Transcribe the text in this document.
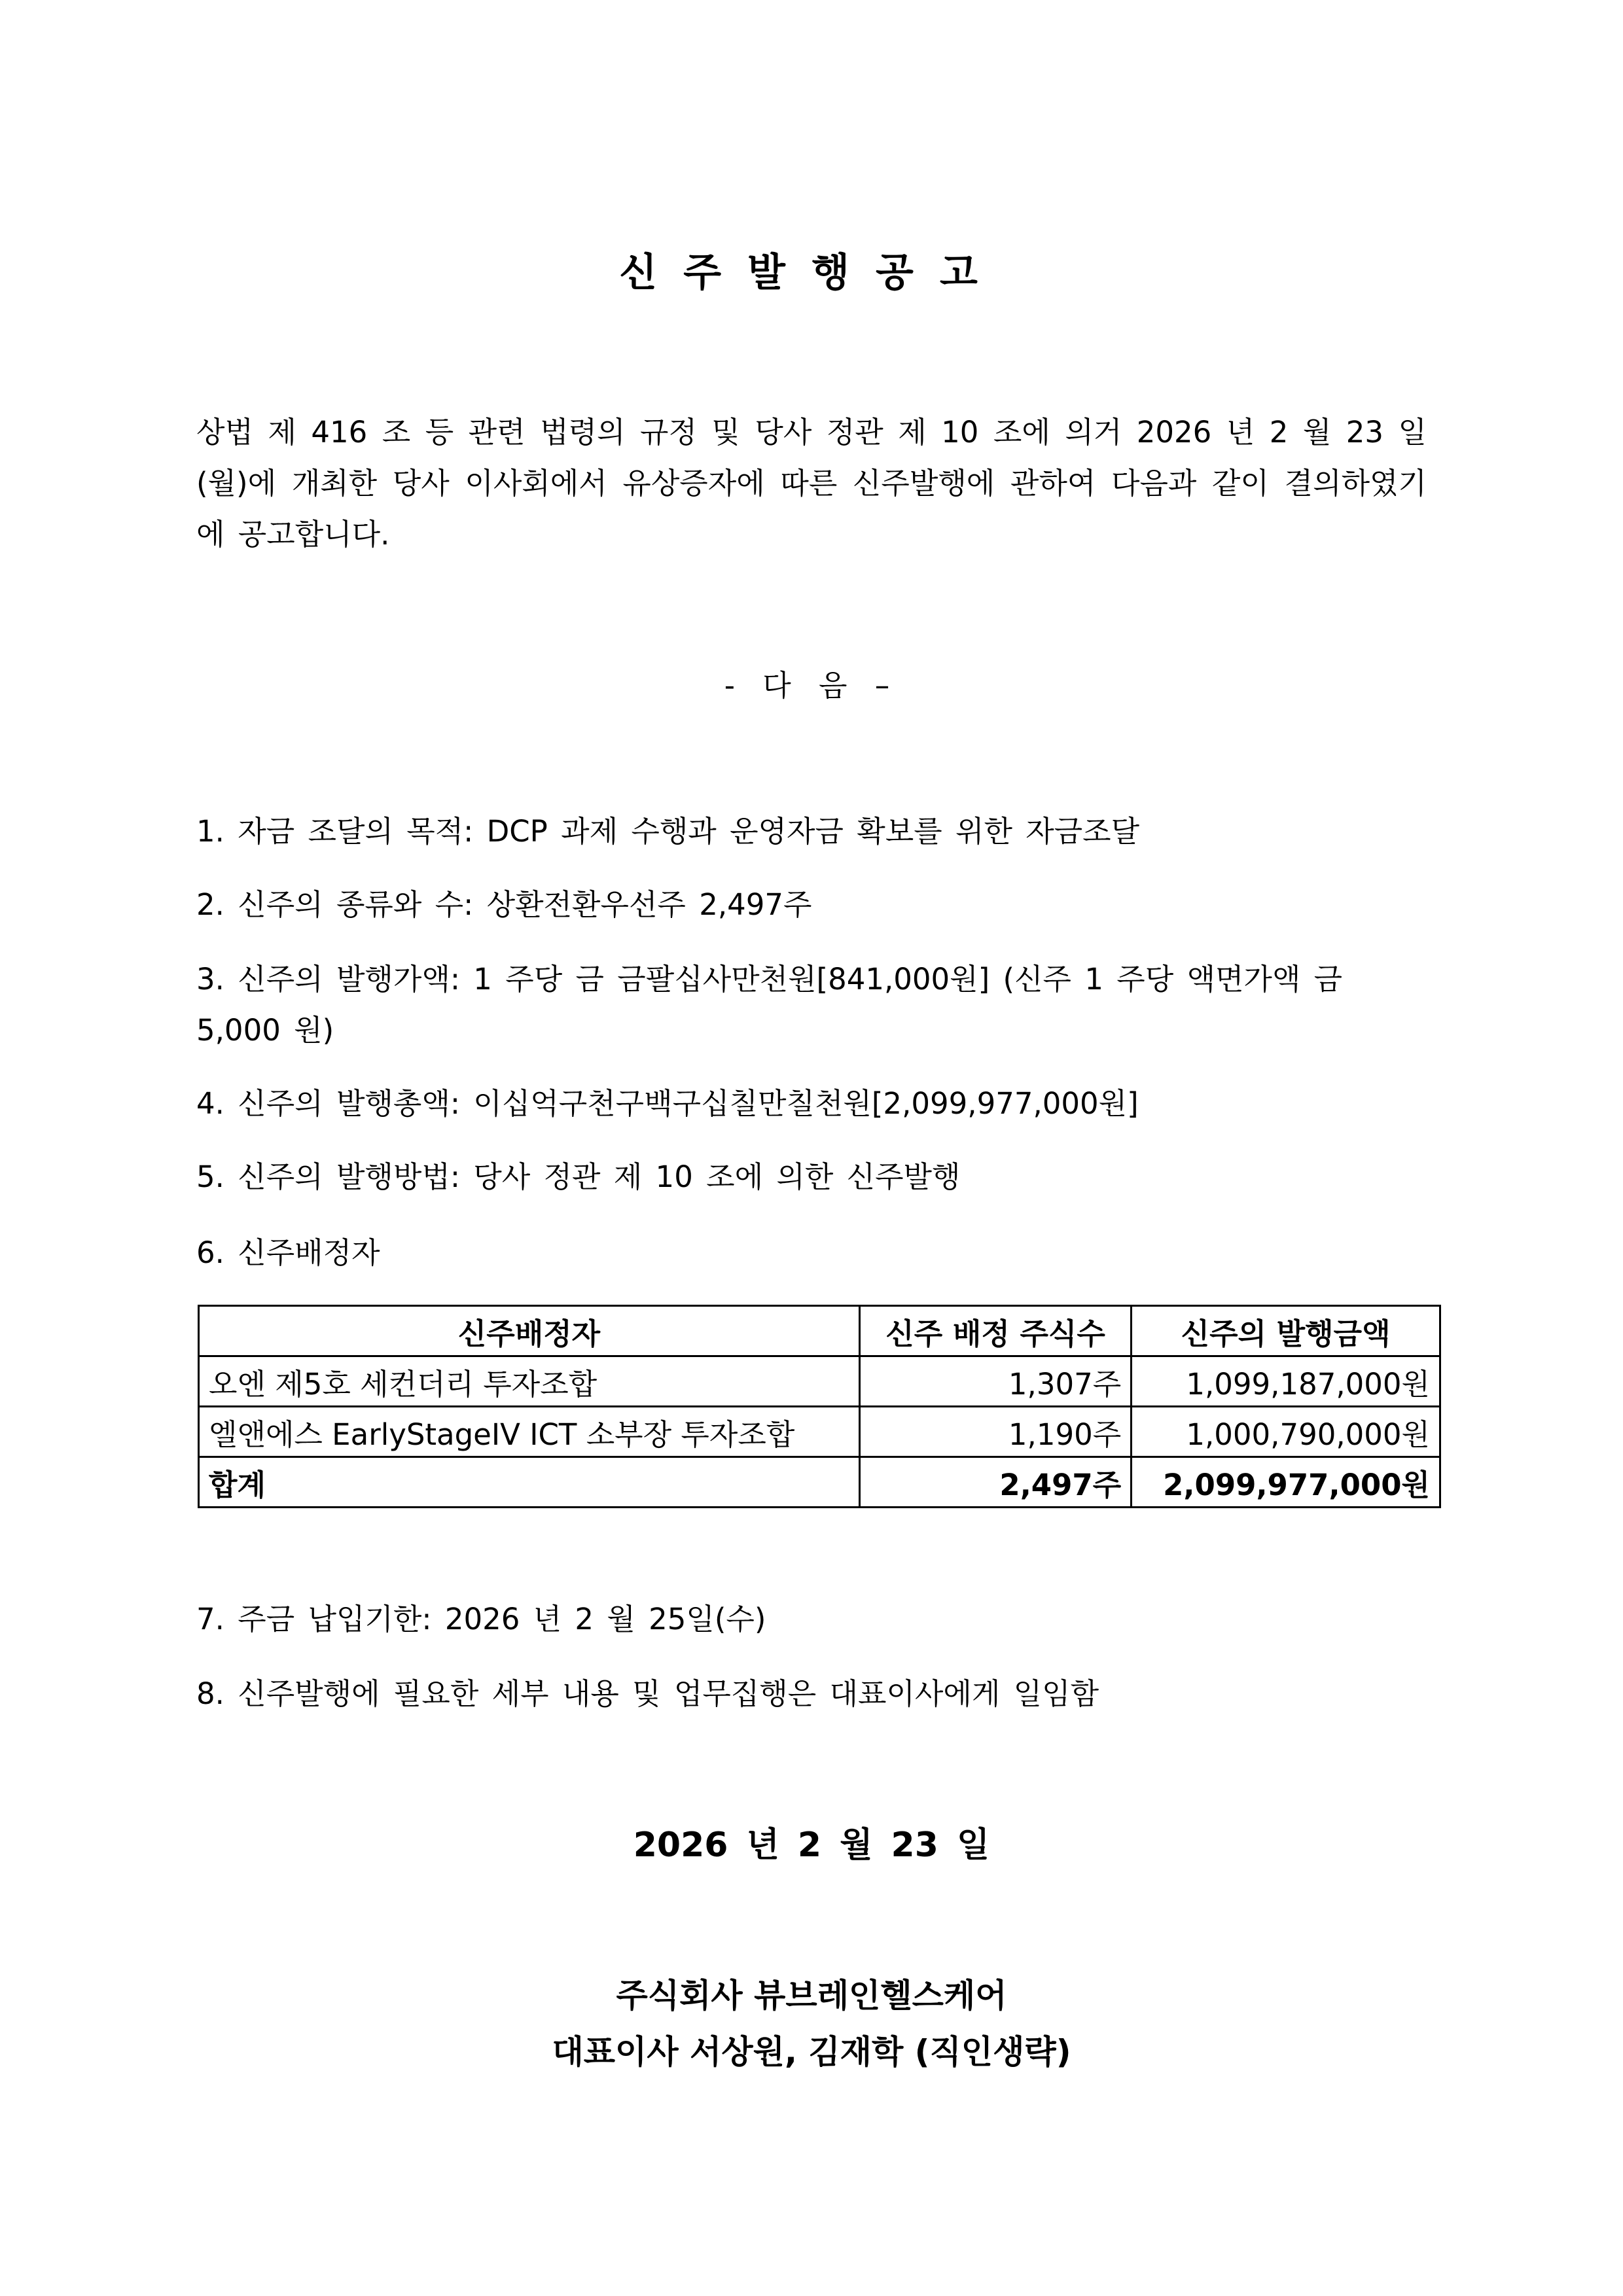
신주발행공고
상법 제 416 조 등 관련 법령의 규정 및 당사 정관 제 10 조에 의거 2026 년 2 월 23 일(월)에 개최한 당사 이사회에서 유상증자에 따른 신주발행에 관하여 다음과 같이 결의하였기에 공고합니다.
- 다 음 –
1. 자금 조달의 목적: DCP 과제 수행과 운영자금 확보를 위한 자금조달
2. 신주의 종류와 수: 상환전환우선주 2,497주
3. 신주의 발행가액: 1 주당 금 금팔십사만천원[841,000원] (신주 1 주당 액면가액 금 5,000 원)
4. 신주의 발행총액: 이십억구천구백구십칠만칠천원[2,099,977,000원]
5. 신주의 발행방법: 당사 정관 제 10 조에 의한 신주발행
6. 신주배정자
신주배정자	신주 배정 주식수	신주의 발행금액
오엔 제5호 세컨더리 투자조합	1,307주	1,099,187,000원
엘앤에스 EarlyStageIV ICT 소부장 투자조합	1,190주	1,000,790,000원
합계	2,497주	2,099,977,000원
7. 주금 납입기한: 2026 년 2 월 25일(수)
8. 신주발행에 필요한 세부 내용 및 업무집행은 대표이사에게 일임함
2026 년 2 월 23 일
주식회사 뷰브레인헬스케어
대표이사 서상원, 김재학 (직인생략)
